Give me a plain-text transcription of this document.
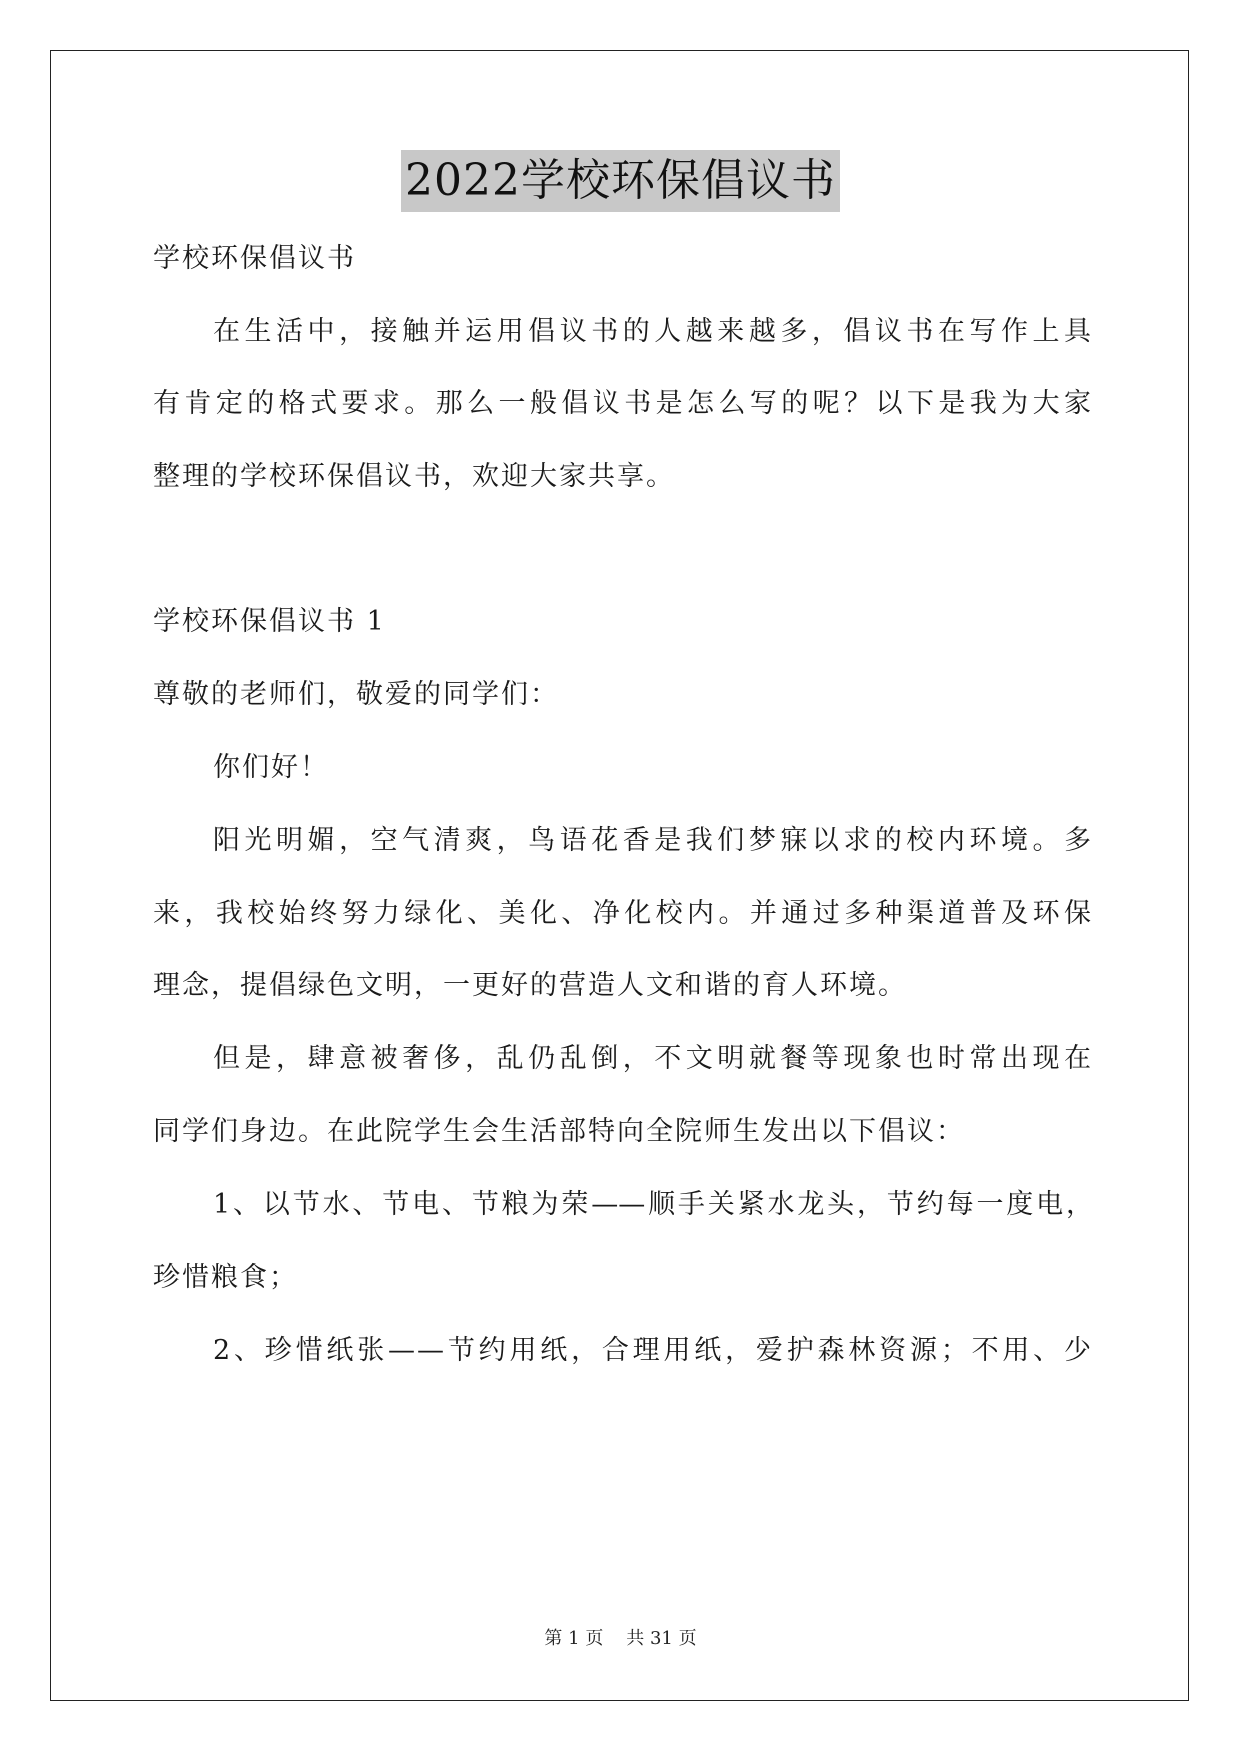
2022学校环保倡议书
学校环保倡议书
在生活中，接触并运用倡议书的人越来越多，倡议书在写作上具
有肯定的格式要求。那么一般倡议书是怎么写的呢？以下是我为大家
整理的学校环保倡议书，欢迎大家共享。
学校环保倡议书 1
尊敬的老师们，敬爱的同学们：
你们好！
阳光明媚，空气清爽，鸟语花香是我们梦寐以求的校内环境。多
来，我校始终努力绿化、美化、净化校内。并通过多种渠道普及环保
理念，提倡绿色文明，一更好的营造人文和谐的育人环境。
但是，肆意被奢侈，乱仍乱倒，不文明就餐等现象也时常出现在
同学们身边。在此院学生会生活部特向全院师生发出以下倡议：
1、以节水、节电、节粮为荣——顺手关紧水龙头，节约每一度电，
珍惜粮食；
2、珍惜纸张——节约用纸，合理用纸，爱护森林资源；不用、少
第 1 页 共 31 页
